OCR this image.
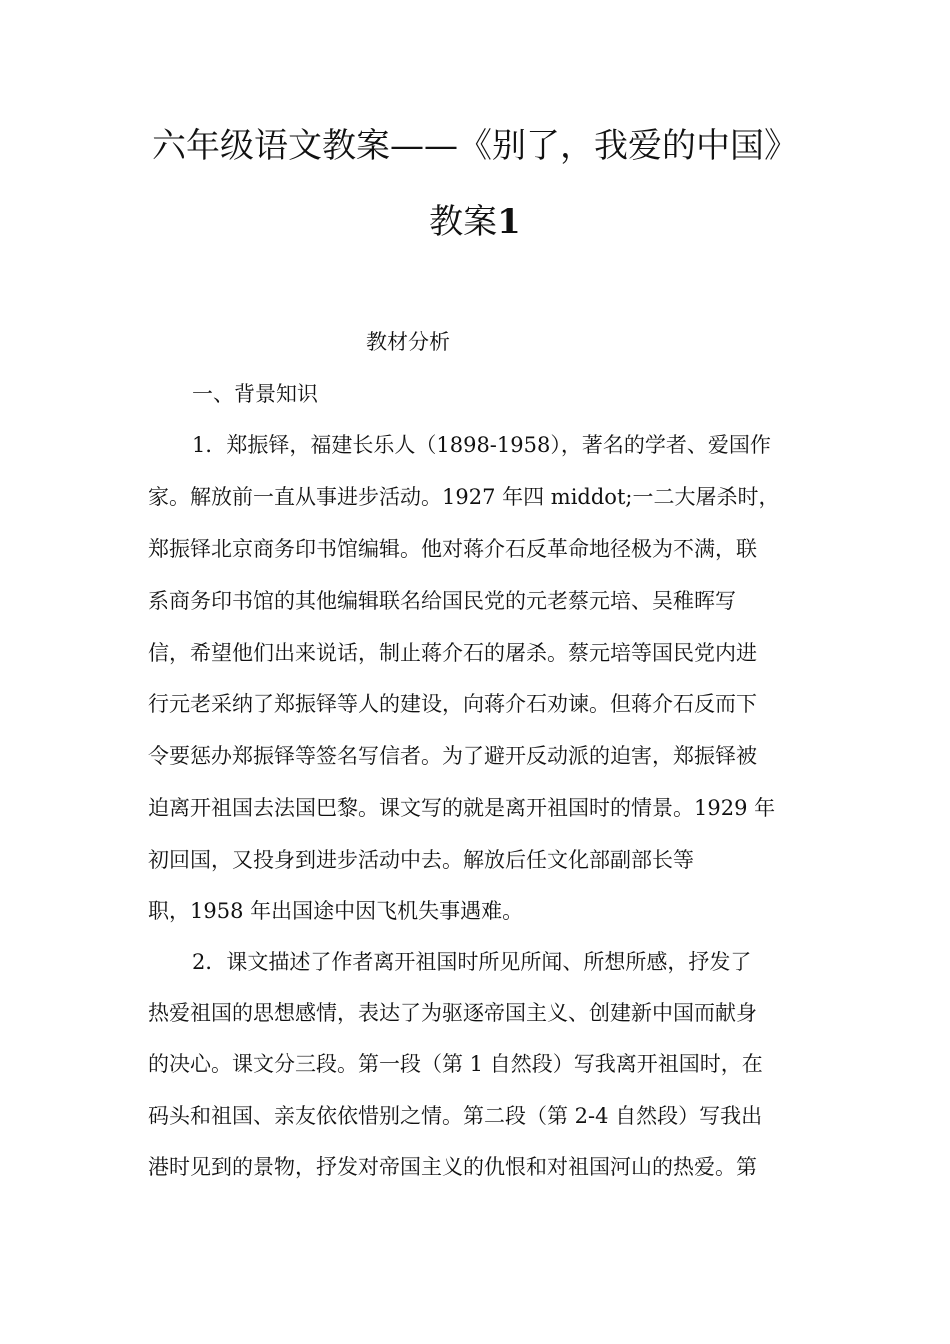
六年级语文教案——《别了，我爱的中国》
教案1
教材分析
一、背景知识
1．郑振铎，福建长乐人（1898-1958），著名的学者、爱国作
家。解放前一直从事进步活动。1927 年四 middot;一二大屠杀时，
郑振铎北京商务印书馆编辑。他对蒋介石反革命地径极为不满，联
系商务印书馆的其他编辑联名给国民党的元老蔡元培、吴稚晖写
信，希望他们出来说话，制止蒋介石的屠杀。蔡元培等国民党内进
行元老采纳了郑振铎等人的建设，向蒋介石劝谏。但蒋介石反而下
令要惩办郑振铎等签名写信者。为了避开反动派的迫害，郑振铎被
迫离开祖国去法国巴黎。课文写的就是离开祖国时的情景。1929 年
初回国，又投身到进步活动中去。解放后任文化部副部长等
职，1958 年出国途中因飞机失事遇难。
2．课文描述了作者离开祖国时所见所闻、所想所感，抒发了
热爱祖国的思想感情，表达了为驱逐帝国主义、创建新中国而献身
的决心。课文分三段。第一段（第 1 自然段）写我离开祖国时，在
码头和祖国、亲友依依惜别之情。第二段（第 2-4 自然段）写我出
港时见到的景物，抒发对帝国主义的仇恨和对祖国河山的热爱。第
